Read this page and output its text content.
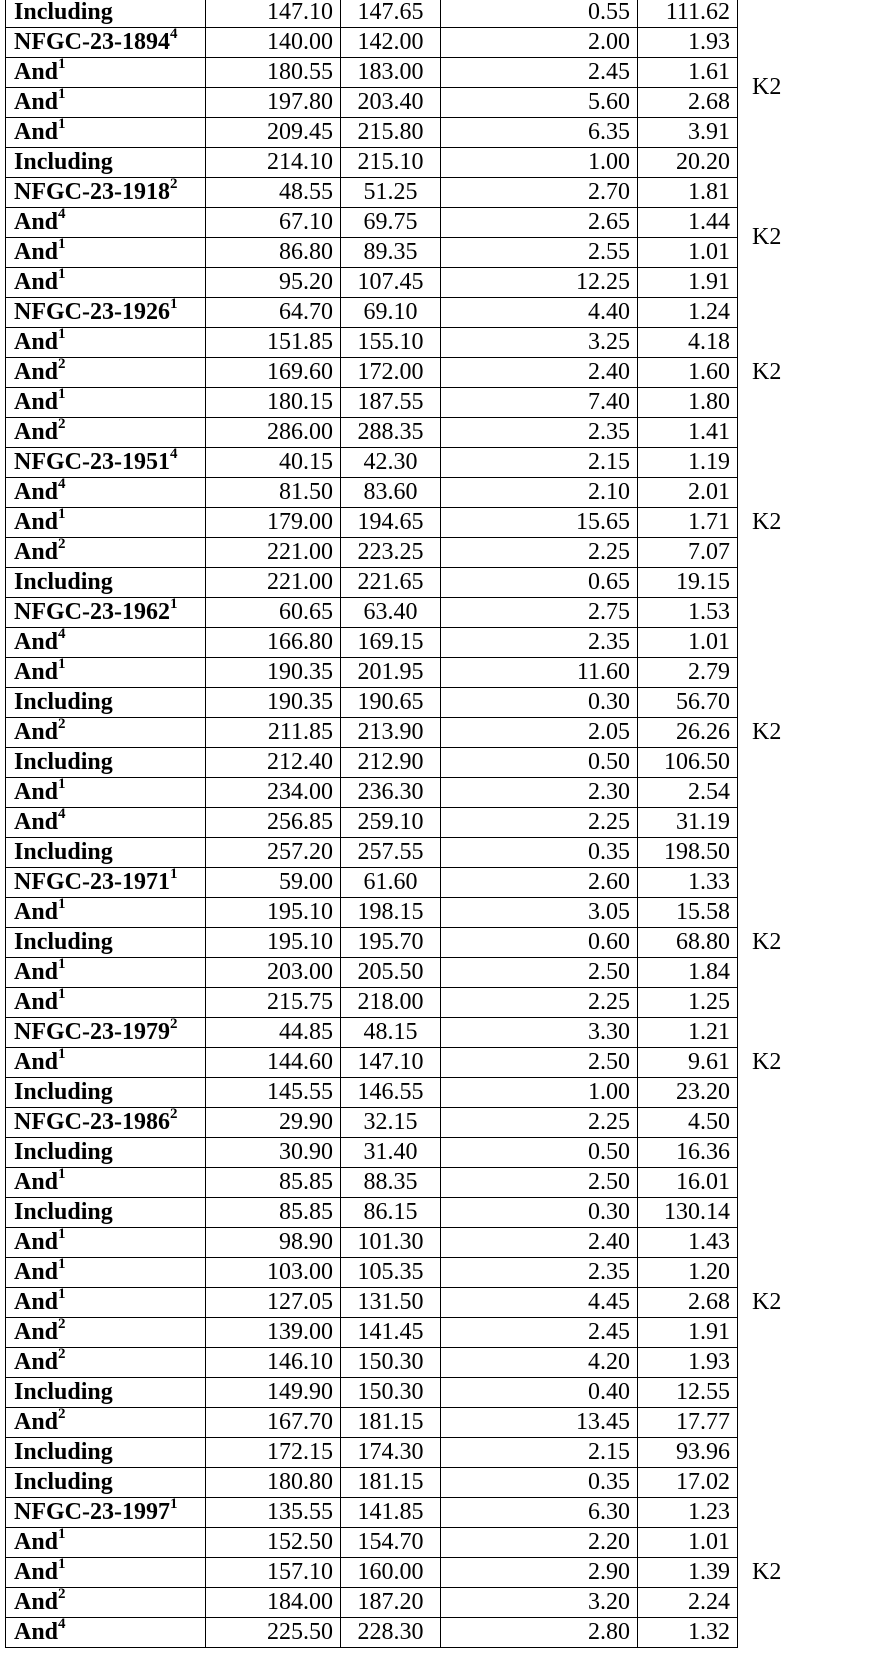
Including	147.10	147.65	0.55	111.62	K2
NFGC-23-1894$^4$	140.00	142.00	2.00	1.93	
And$^1$	180.55	183.00	2.45	1.61	
And$^1$	197.80	203.40	5.60	2.68	
And$^1$	209.45	215.80	6.35	3.91	
Including	214.10	215.10	1.00	20.20	
NFGC-23-1918$^2$	48.55	51.25	2.70	1.81	K2
And$^4$	67.10	69.75	2.65	1.44	
And$^1$	86.80	89.35	2.55	1.01	
And$^1$	95.20	107.45	12.25	1.91	
NFGC-23-1926$^1$	64.70	69.10	4.40	1.24	K2
And$^1$	151.85	155.10	3.25	4.18	
And$^2$	169.60	172.00	2.40	1.60	
And$^1$	180.15	187.55	7.40	1.80	
And$^2$	286.00	288.35	2.35	1.41	
NFGC-23-1951$^4$	40.15	42.30	2.15	1.19	K2
And$^4$	81.50	83.60	2.10	2.01	
And$^1$	179.00	194.65	15.65	1.71	
And$^2$	221.00	223.25	2.25	7.07	
Including	221.00	221.65	0.65	19.15	
NFGC-23-1962$^1$	60.65	63.40	2.75	1.53	K2
And$^4$	166.80	169.15	2.35	1.01	
And$^1$	190.35	201.95	11.60	2.79	
Including	190.35	190.65	0.30	56.70	
And$^2$	211.85	213.90	2.05	26.26	
Including	212.40	212.90	0.50	106.50	
And$^1$	234.00	236.30	2.30	2.54	
And$^4$	256.85	259.10	2.25	31.19	
Including	257.20	257.55	0.35	198.50	
NFGC-23-1971$^1$	59.00	61.60	2.60	1.33	K2
And$^1$	195.10	198.15	3.05	15.58	
Including	195.10	195.70	0.60	68.80	
And$^1$	203.00	205.50	2.50	1.84	
And$^1$	215.75	218.00	2.25	1.25	
NFGC-23-1979$^2$	44.85	48.15	3.30	1.21	K2
And$^1$	144.60	147.10	2.50	9.61	
Including	145.55	146.55	1.00	23.20	
NFGC-23-1986$^2$	29.90	32.15	2.25	4.50	K2
Including	30.90	31.40	0.50	16.36	
And$^1$	85.85	88.35	2.50	16.01	
Including	85.85	86.15	0.30	130.14	
And$^1$	98.90	101.30	2.40	1.43	
And$^1$	103.00	105.35	2.35	1.20	
And$^1$	127.05	131.50	4.45	2.68	
And$^2$	139.00	141.45	2.45	1.91	
And$^2$	146.10	150.30	4.20	1.93	
Including	149.90	150.30	0.40	12.55	
And$^2$	167.70	181.15	13.45	17.77	
Including	172.15	174.30	2.15	93.96	
Including	180.80	181.15	0.35	17.02	
NFGC-23-1997$^1$	135.55	141.85	6.30	1.23	K2
And$^1$	152.50	154.70	2.20	1.01	
And$^1$	157.10	160.00	2.90	1.39	
And$^2$	184.00	187.20	3.20	2.24	
And$^4$	225.50	228.30	2.80	1.32	
